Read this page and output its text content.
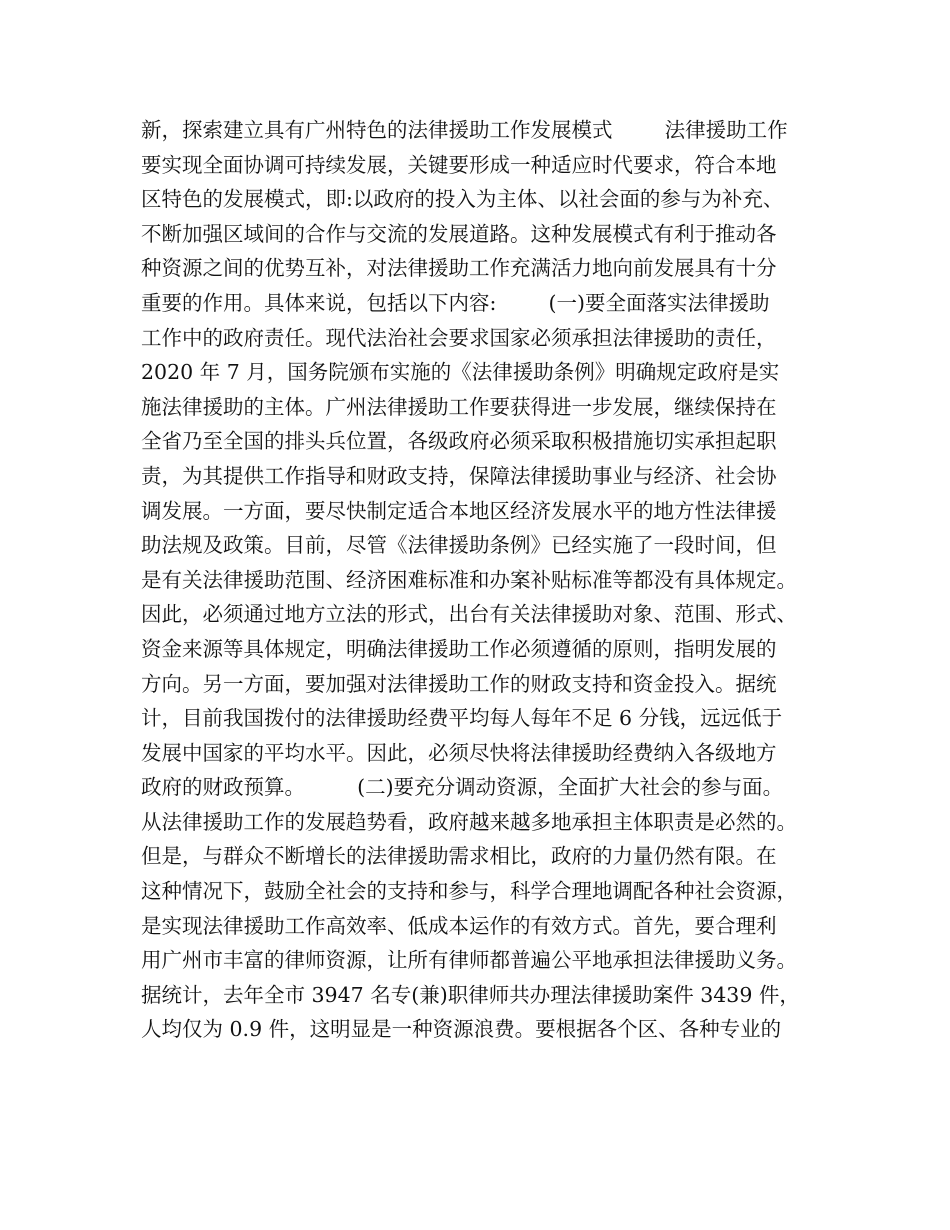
新，探索建立具有广州特色的法律援助工作发展模式        法律援助工作
要实现全面协调可持续发展，关键要形成一种适应时代要求，符合本地
区特色的发展模式，即:以政府的投入为主体、以社会面的参与为补充、
不断加强区域间的合作与交流的发展道路。这种发展模式有利于推动各
种资源之间的优势互补，对法律援助工作充满活力地向前发展具有十分
重要的作用。具体来说，包括以下内容:        (一)要全面落实法律援助
工作中的政府责任。现代法治社会要求国家必须承担法律援助的责任，
2020 年 7 月，国务院颁布实施的《法律援助条例》明确规定政府是实
施法律援助的主体。广州法律援助工作要获得进一步发展，继续保持在
全省乃至全国的排头兵位置，各级政府必须采取积极措施切实承担起职
责，为其提供工作指导和财政支持，保障法律援助事业与经济、社会协
调发展。一方面，要尽快制定适合本地区经济发展水平的地方性法律援
助法规及政策。目前，尽管《法律援助条例》已经实施了一段时间，但
是有关法律援助范围、经济困难标准和办案补贴标准等都没有具体规定。
因此，必须通过地方立法的形式，出台有关法律援助对象、范围、形式、
资金来源等具体规定，明确法律援助工作必须遵循的原则，指明发展的
方向。另一方面，要加强对法律援助工作的财政支持和资金投入。据统
计，目前我国拨付的法律援助经费平均每人每年不足 6 分钱，远远低于
发展中国家的平均水平。因此，必须尽快将法律援助经费纳入各级地方
政府的财政预算。        (二)要充分调动资源，全面扩大社会的参与面。
从法律援助工作的发展趋势看，政府越来越多地承担主体职责是必然的。
但是，与群众不断增长的法律援助需求相比，政府的力量仍然有限。在
这种情况下，鼓励全社会的支持和参与，科学合理地调配各种社会资源，
是实现法律援助工作高效率、低成本运作的有效方式。首先，要合理利
用广州市丰富的律师资源，让所有律师都普遍公平地承担法律援助义务。
据统计，去年全市 3947 名专(兼)职律师共办理法律援助案件 3439 件，
人均仅为 0.9 件，这明显是一种资源浪费。要根据各个区、各种专业的
